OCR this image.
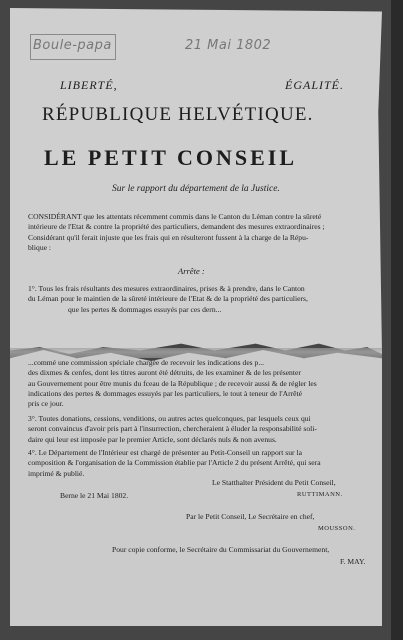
Boule-papa	21 Mai 1802
LIBERTÉ,	ÉGALITÉ.
RÉPUBLIQUE HELVÉTIQUE.
LE PETIT CONSEIL
Sur le rapport du département de la Justice.
CONSIDÉRANT que les attentats récemment commis dans le Canton du Léman contre la sûreté
intérieure de l'Etat & contre la propriété des particuliers, demandent des mesures extraordinaires ;
Considérant qu'il ferait injuste que les frais qui en résulteront fussent à la charge de la Répu-
blique :
Arrête :
1°. Tous les frais résultants des mesures extraordinaires, prises & à prendre, dans le Canton
du Léman pour le maintien de la sûreté intérieure de l'Etat & de la propriété des particuliers,
que les pertes & dommages essuyés par ces dern...
...commé une commission spéciale chargée de recevoir les indications des p...
des dixmes & cenfes, dont les titres auront été détruits, de les examiner & de les présenter
au Gouvernement pour être munis du fceau de la République ; de recevoir aussi & de régler les
indications des pertes & dommages essuyés par les particuliers, le tout à teneur de l'Arrêté
pris ce jour.
3°. Toutes donations, cessions, venditions, ou autres actes quelconques, par lesquels ceux qui
seront convaincus d'avoir pris part à l'insurrection, chercheraient à éluder la responsabilité soli-
daire qui leur est imposée par le premier Article, sont déclarés nuls & non avenus.
4°. Le Département de l'Intérieur est chargé de présenter au Petit-Conseil un rapport sur la
composition & l'organisation de la Commission établie par l'Article 2 du présent Arrêté, qui sera
imprimé & publié.
Berne le 21 Mai 1802.
Le Statthalter Président du Petit Conseil,
RUTTIMANN.
Par le Petit Conseil, Le Secrétaire en chef,
MOUSSON.
Pour copie conforme, le Secrétaire du Commissariat du Gouvernement,
F. MAY.
